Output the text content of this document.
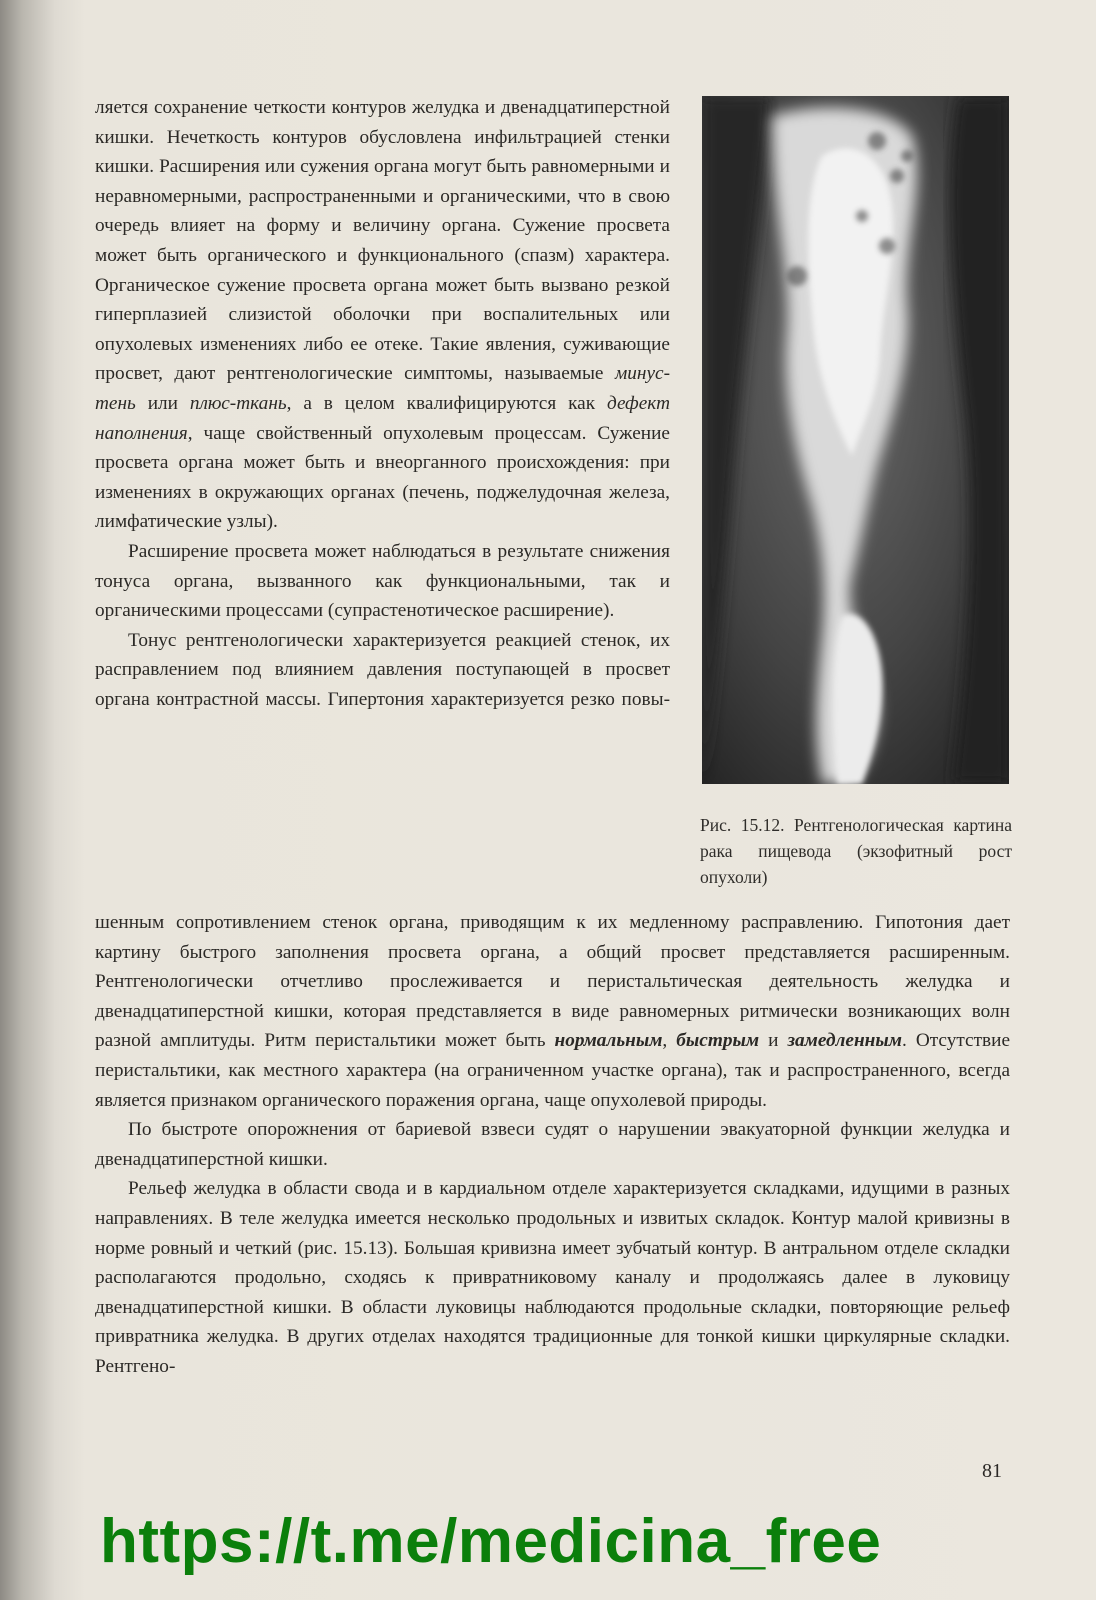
ляется сохранение четкости контуров желудка и двенадцатиперстной кишки. Нечеткость контуров обусловлена инфильтрацией стенки кишки. Расширения или сужения органа могут быть равномерными и неравномерными, распространенными и органическими, что в свою очередь влияет на форму и величину органа. Сужение просвета может быть органического и функционального (спазм) характера. Органическое сужение просвета органа может быть вызвано резкой гиперплазией слизистой оболочки при воспалительных или опухолевых изменениях либо ее отеке. Такие явления, суживающие просвет, дают рентгенологические симптомы, называемые минус-тень или плюс-ткань, а в целом квалифицируются как дефект наполнения, чаще свойственный опухолевым процессам. Сужение просвета органа может быть и внеорганного происхождения: при изменениях в окружающих органах (печень, поджелудочная железа, лимфатические узлы).

Расширение просвета может наблюдаться в результате снижения тонуса органа, вызванного как функциональными, так и органическими процессами (супрастенотическое расширение).

Тонус рентгенологически характеризуется реакцией стенок, их расправлением под влиянием давления поступающей в просвет органа контрастной массы. Гипертония характеризуется резко повы-

Рис. 15.12. Рентгенологическая картина рака пищевода (экзофитный рост опухоли)

шенным сопротивлением стенок органа, приводящим к их медленному расправлению. Гипотония дает картину быстрого заполнения просвета органа, а общий просвет представляется расширенным. Рентгенологически отчетливо прослеживается и перистальтическая деятельность желудка и двенадцатиперстной кишки, которая представляется в виде равномерных ритмически возникающих волн разной амплитуды. Ритм перистальтики может быть нормальным, быстрым и замедленным. Отсутствие перистальтики, как местного характера (на ограниченном участке органа), так и распространенного, всегда является признаком органического поражения органа, чаще опухолевой природы.

По быстроте опорожнения от бариевой взвеси судят о нарушении эвакуаторной функции желудка и двенадцатиперстной кишки.

Рельеф желудка в области свода и в кардиальном отделе характеризуется складками, идущими в разных направлениях. В теле желудка имеется несколько продольных и извитых складок. Контур малой кривизны в норме ровный и четкий (рис. 15.13). Большая кривизна имеет зубчатый контур. В антральном отделе складки располагаются продольно, сходясь к привратниковому каналу и продолжаясь далее в луковицу двенадцатиперстной кишки. В области луковицы наблюдаются продольные складки, повторяющие рельеф привратника желудка. В других отделах находятся традиционные для тонкой кишки циркулярные складки. Рентгено-

81
https://t.me/medicina_free
